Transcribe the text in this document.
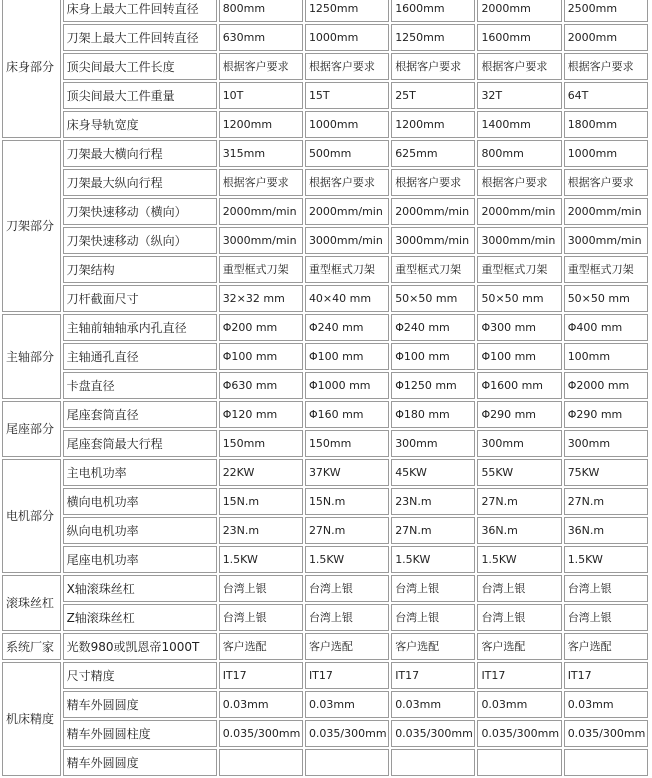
床身部分	床身上最大工件回转直径	800mm	1250mm	1600mm	2000mm	2500mm
	刀架上最大工件回转直径	630mm	1000mm	1250mm	1600mm	2000mm
	顶尖间最大工件长度	根据客户要求	根据客户要求	根据客户要求	根据客户要求	根据客户要求
	顶尖间最大工件重量	10T	15T	25T	32T	64T
	床身导轨宽度	1200mm	1000mm	1200mm	1400mm	1800mm
刀架部分	刀架最大横向行程	315mm	500mm	625mm	800mm	1000mm
	刀架最大纵向行程	根据客户要求	根据客户要求	根据客户要求	根据客户要求	根据客户要求
	刀架快速移动（横向）	2000mm/min	2000mm/min	2000mm/min	2000mm/min	2000mm/min
	刀架快速移动（纵向）	3000mm/min	3000mm/min	3000mm/min	3000mm/min	3000mm/min
	刀架结构	重型框式刀架	重型框式刀架	重型框式刀架	重型框式刀架	重型框式刀架
	刀杆截面尺寸	32×32 mm	40×40 mm	50×50 mm	50×50 mm	50×50 mm
主轴部分	主轴前轴轴承内孔直径	Φ200 mm	Φ240 mm	Φ240 mm	Φ300 mm	Φ400 mm
	主轴通孔直径	Φ100 mm	Φ100 mm	Φ100 mm	Φ100 mm	100mm
	卡盘直径	Φ630 mm	Φ1000 mm	Φ1250 mm	Φ1600 mm	Φ2000 mm
尾座部分	尾座套筒直径	Φ120 mm	Φ160 mm	Φ180 mm	Φ290 mm	Φ290 mm
	尾座套筒最大行程	150mm	150mm	300mm	300mm	300mm
电机部分	主电机功率	22KW	37KW	45KW	55KW	75KW
	横向电机功率	15N.m	15N.m	23N.m	27N.m	27N.m
	纵向电机功率	23N.m	27N.m	27N.m	36N.m	36N.m
	尾座电机功率	1.5KW	1.5KW	1.5KW	1.5KW	1.5KW
滚珠丝杠	X轴滚珠丝杠	台湾上银	台湾上银	台湾上银	台湾上银	台湾上银
	Z轴滚珠丝杠	台湾上银	台湾上银	台湾上银	台湾上银	台湾上银
系统厂家	光数980或凯恩帝1000T	客户选配	客户选配	客户选配	客户选配	客户选配
机床精度	尺寸精度	IT17	IT17	IT17	IT17	IT17
	精车外圆圆度	0.03mm	0.03mm	0.03mm	0.03mm	0.03mm
	精车外圆圆柱度	0.035/300mm	0.035/300mm	0.035/300mm	0.035/300mm	0.035/300mm
	精车外圆圆度					
